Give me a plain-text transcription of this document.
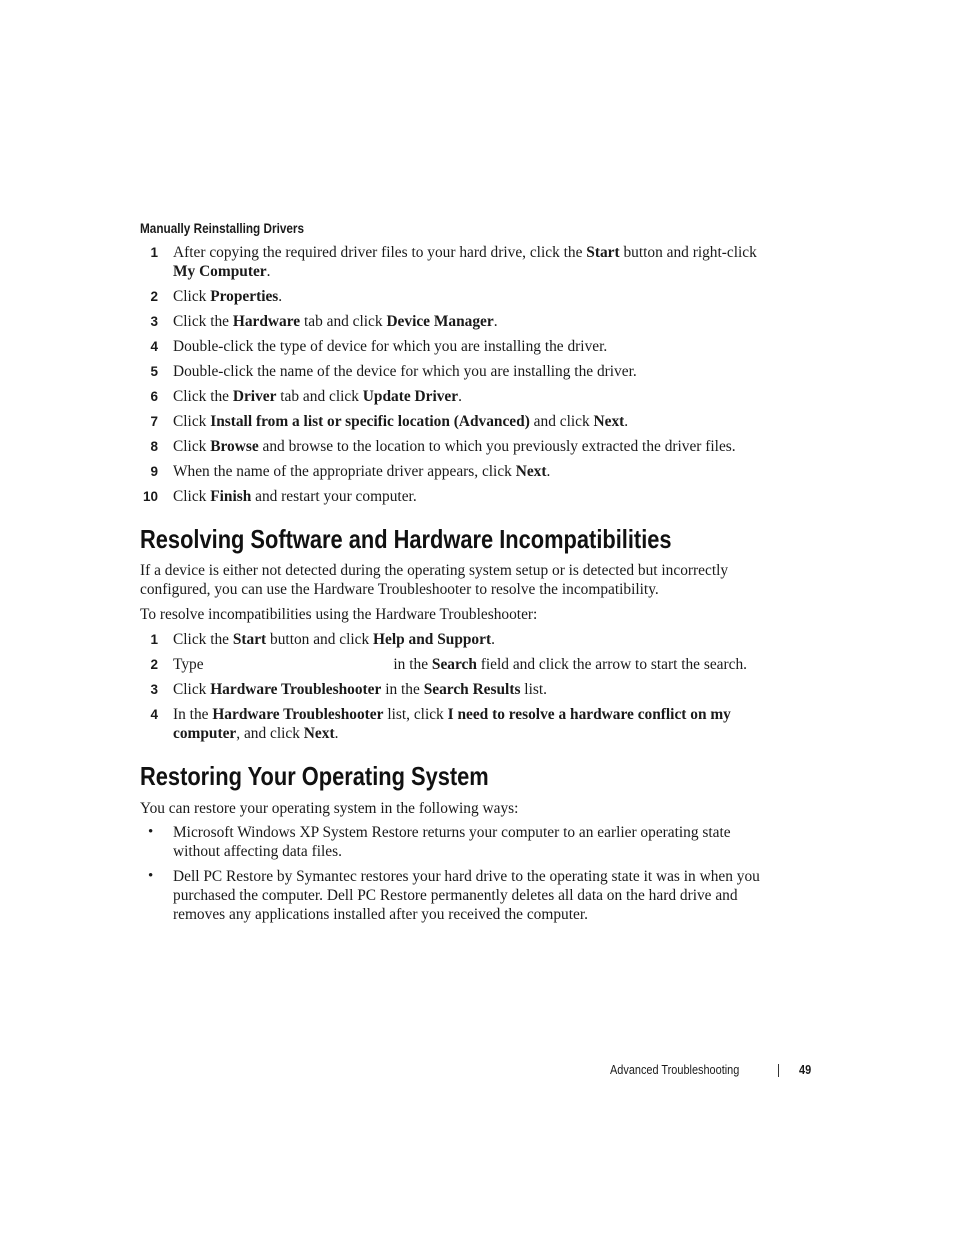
Manually Reinstalling Drivers
1 After copying the required driver files to your hard drive, click the Start button and right-click My Computer.
2 Click Properties.
3 Click the Hardware tab and click Device Manager.
4 Double-click the type of device for which you are installing the driver.
5 Double-click the name of the device for which you are installing the driver.
6 Click the Driver tab and click Update Driver.
7 Click Install from a list or specific location (Advanced) and click Next.
8 Click Browse and browse to the location to which you previously extracted the driver files.
9 When the name of the appropriate driver appears, click Next.
10 Click Finish and restart your computer.
Resolving Software and Hardware Incompatibilities

If a device is either not detected during the operating system setup or is detected but incorrectly configured, you can use the Hardware Troubleshooter to resolve the incompatibility.

To resolve incompatibilities using the Hardware Troubleshooter:

1 Click the Start button and click Help and Support.
2 Type	in the Search field and click the arrow to start the search.
3 Click Hardware Troubleshooter in the Search Results list.
4 In the Hardware Troubleshooter list, click I need to resolve a hardware conflict on my computer, and click Next.
Restoring Your Operating System

You can restore your operating system in the following ways:

• Microsoft Windows XP System Restore returns your computer to an earlier operating state without affecting data files.
• Dell PC Restore by Symantec restores your hard drive to the operating state it was in when you purchased the computer. Dell PC Restore permanently deletes all data on the hard drive and removes any applications installed after you received the computer.
Advanced Troubleshooting	49
